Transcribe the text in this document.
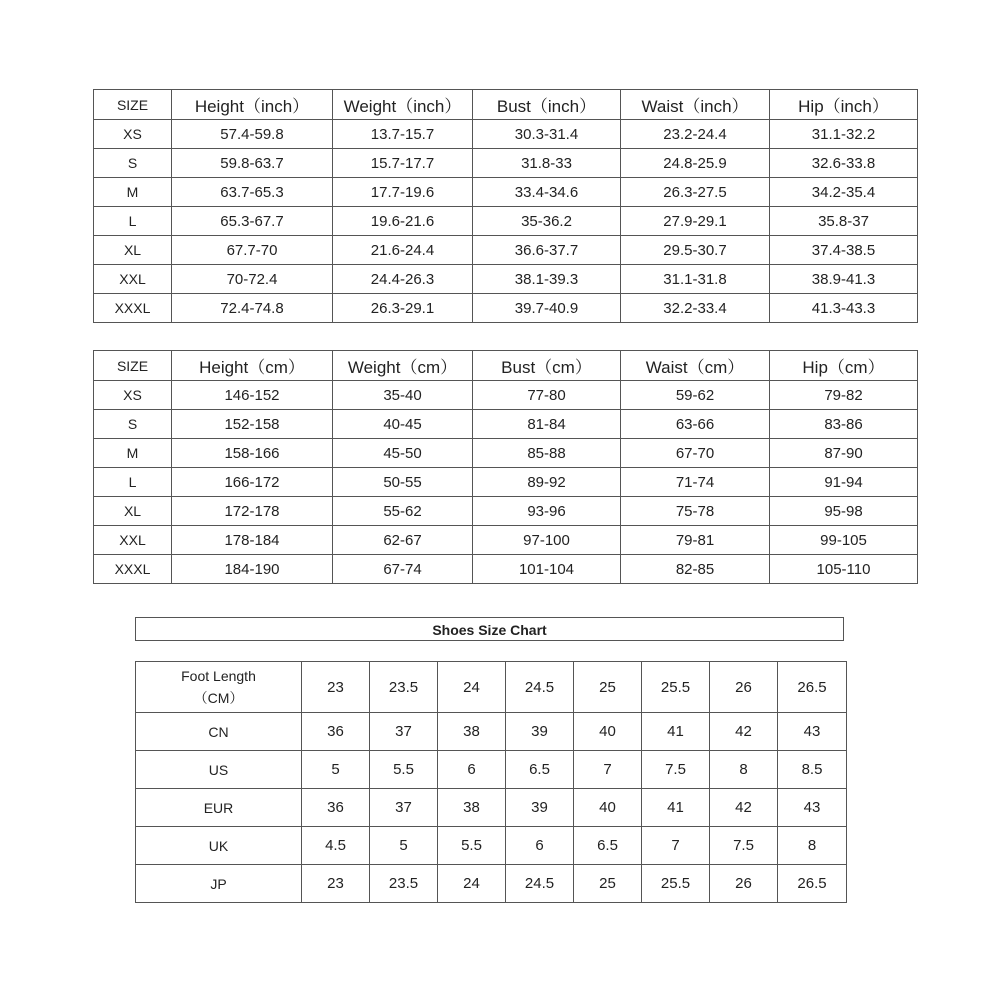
SIZE	Height（inch）	Weight（inch）	Bust（inch）	Waist（inch）	Hip（inch）
XS	57.4-59.8	13.7-15.7	30.3-31.4	23.2-24.4	31.1-32.2
S	59.8-63.7	15.7-17.7	31.8-33	24.8-25.9	32.6-33.8
M	63.7-65.3	17.7-19.6	33.4-34.6	26.3-27.5	34.2-35.4
L	65.3-67.7	19.6-21.6	35-36.2	27.9-29.1	35.8-37
XL	67.7-70	21.6-24.4	36.6-37.7	29.5-30.7	37.4-38.5
XXL	70-72.4	24.4-26.3	38.1-39.3	31.1-31.8	38.9-41.3
XXXL	72.4-74.8	26.3-29.1	39.7-40.9	32.2-33.4	41.3-43.3
SIZE	Height（cm）	Weight（cm）	Bust（cm）	Waist（cm）	Hip（cm）
XS	146-152	35-40	77-80	59-62	79-82
S	152-158	40-45	81-84	63-66	83-86
M	158-166	45-50	85-88	67-70	87-90
L	166-172	50-55	89-92	71-74	91-94
XL	172-178	55-62	93-96	75-78	95-98
XXL	178-184	62-67	97-100	79-81	99-105
XXXL	184-190	67-74	101-104	82-85	105-110
Shoes Size Chart
Foot Length
（CM）	23	23.5	24	24.5	25	25.5	26	26.5
CN	36	37	38	39	40	41	42	43
US	5	5.5	6	6.5	7	7.5	8	8.5
EUR	36	37	38	39	40	41	42	43
UK	4.5	5	5.5	6	6.5	7	7.5	8
JP	23	23.5	24	24.5	25	25.5	26	26.5
